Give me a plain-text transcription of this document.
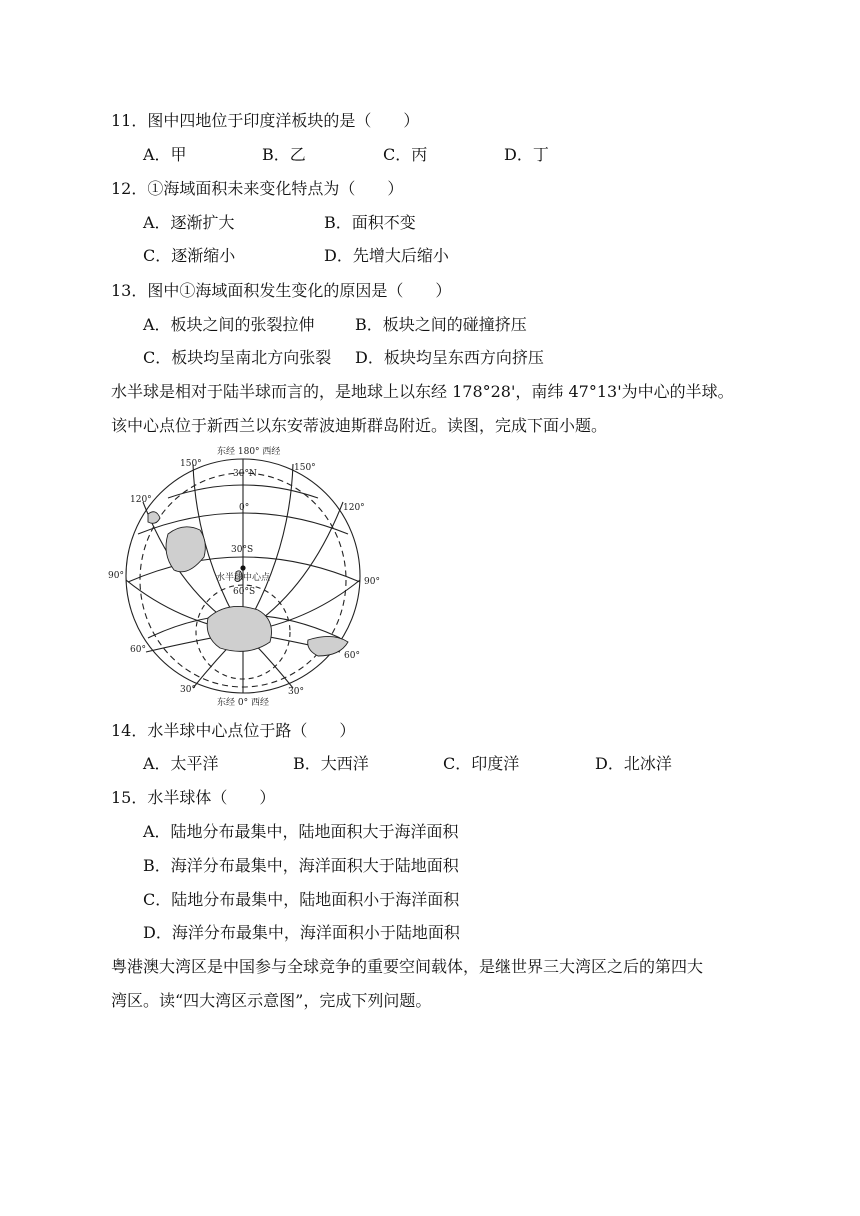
11．图中四地位于印度洋板块的是（　　）
A．甲	B．乙	C．丙	D．丁
12．①海域面积未来变化特点为（　　）
A．逐渐扩大	B．面积不变
C．逐渐缩小	D．先增大后缩小
13．图中①海域面积发生变化的原因是（　　）
A．板块之间的张裂拉伸	B．板块之间的碰撞挤压
C．板块均呈南北方向张裂 D．板块均呈东西方向挤压
水半球是相对于陆半球而言的，是地球上以东经 178°28'，南纬 47°13'为中心的半球。
该中心点位于新西兰以东安蒂波迪斯群岛附近。读图，完成下面小题。
东经 180° 西经
东经 0° 西经
30°N
0°
30°S
60°S
150°	150°
120°
120°
90°
90°
60°
60°
30°	30°
水半球中心点
14．水半球中心点位于路（　　）
A．太平洋	B．大西洋	C．印度洋	D．北冰洋
15．水半球体（　　）
A．陆地分布最集中，陆地面积大于海洋面积
B．海洋分布最集中，海洋面积大于陆地面积
C．陆地分布最集中，陆地面积小于海洋面积
D．海洋分布最集中，海洋面积小于陆地面积
粤港澳大湾区是中国参与全球竞争的重要空间载体，是继世界三大湾区之后的第四大
湾区。读“四大湾区示意图”，完成下列问题。
